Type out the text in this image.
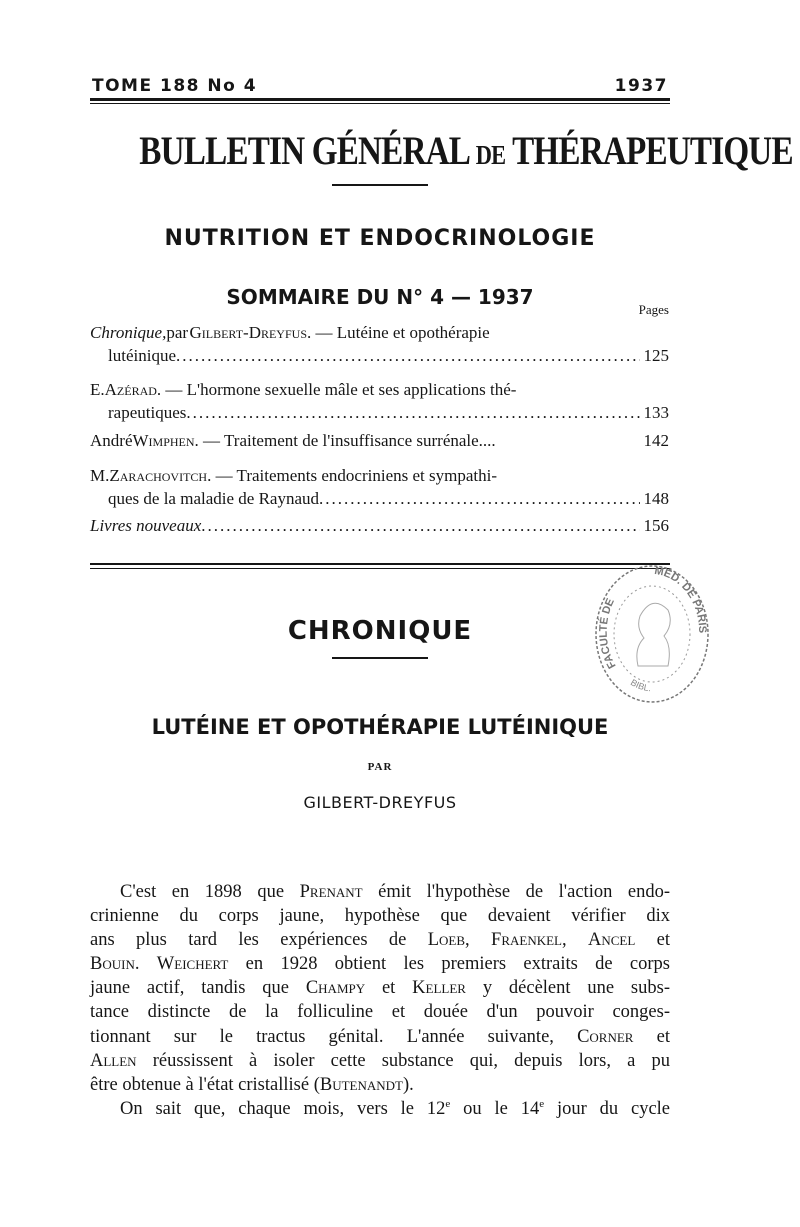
TOME 188 No 4	1937
BULLETIN GÉNÉRAL DE THÉRAPEUTIQUE
NUTRITION ET ENDOCRINOLOGIE
SOMMAIRE DU N° 4 — 1937
Pages
Chronique, par
  Gilbert-Dreyfus . — Lutéine et opothérapie
lutéinique .....	125
E. Azérad . — L'hormone sexuelle mâle et ses applications thé-
rapeutiques .....	133
André Wimphen . — Traitement de l'insuffisance surrénale....	142
M. Zarachovitch . — Traitements endocriniens et sympathi-
ques de la maladie de Raynaud .....	148
Livres nouveaux .....	156
FACULTÉ DE
MÉD. DE PARIS
BIBL.
CHRONIQUE
LUTÉINE ET OPOTHÉRAPIE LUTÉINIQUE
PAR
GILBERT-DREYFUS
C'est en 1898 que Prenant émit l'hypothèse de l'action endo-
crinienne du corps jaune, hypothèse que devaient vérifier dix
ans plus tard les expériences de Loeb, Fraenkel, Ancel et
Bouin. Weichert en 1928 obtient les premiers extraits de corps
jaune actif, tandis que Champy et Keller y décèlent une subs-
tance distincte de la folliculine et douée d'un pouvoir conges-
tionnant sur le tractus génital. L'année suivante, Corner et
Allen réussissent à isoler cette substance qui, depuis lors, a pu
être obtenue à l'état cristallisé (Butenandt).
On sait que, chaque mois, vers le 12e ou le 14e jour du cycle
